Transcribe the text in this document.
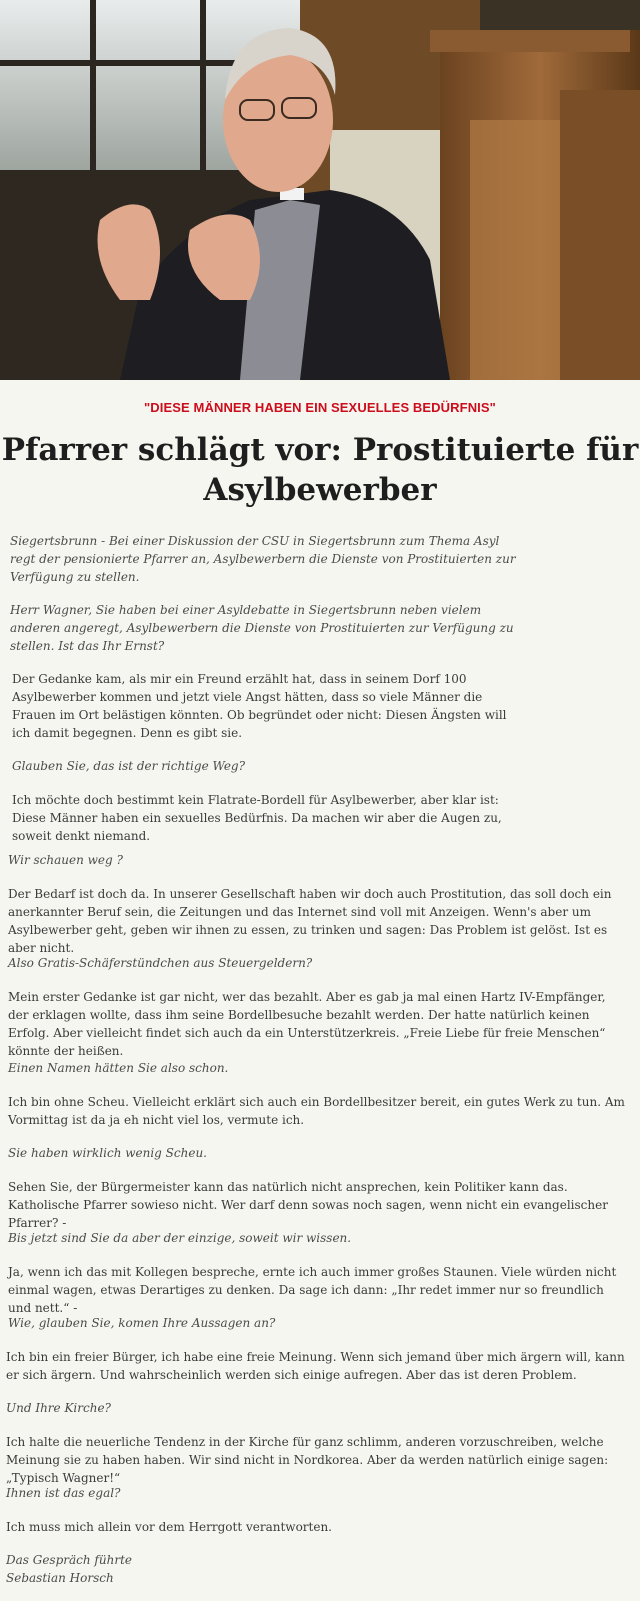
"DIESE MÄNNER HABEN EIN SEXUELLES BEDÜRFNIS"
Pfarrer schlägt vor: Prostituierte für Asylbewerber

Siegertsbrunn - Bei einer Diskussion der CSU in Siegertsbrunn zum Thema Asyl regt der pensionierte Pfarrer an, Asylbewerbern die Dienste von Prostituierten zur Verfügung zu stellen.

Herr Wagner, Sie haben bei einer Asyldebatte in Siegertsbrunn neben vielem anderen angeregt, Asylbewerbern die Dienste von Prostituierten zur Verfügung zu stellen. Ist das Ihr Ernst?

Der Gedanke kam, als mir ein Freund erzählt hat, dass in seinem Dorf 100 Asylbewerber kommen und jetzt viele Angst hätten, dass so viele Männer die Frauen im Ort belästigen könnten. Ob begründet oder nicht: Diesen Ängsten will ich damit begegnen. Denn es gibt sie.

Glauben Sie, das ist der richtige Weg?

Ich möchte doch bestimmt kein Flatrate-Bordell für Asylbewerber, aber klar ist: Diese Männer haben ein sexuelles Bedürfnis. Da machen wir aber die Augen zu, soweit denkt niemand.

Wir schauen weg ?

Der Bedarf ist doch da. In unserer Gesellschaft haben wir doch auch Prostitution, das soll doch ein anerkannter Beruf sein, die Zeitungen und das Internet sind voll mit Anzeigen. Wenn's aber um Asylbewerber geht, geben wir ihnen zu essen, zu trinken und sagen: Das Problem ist gelöst. Ist es aber nicht.

Also Gratis-Schäferstündchen aus Steuergeldern?

Mein erster Gedanke ist gar nicht, wer das bezahlt. Aber es gab ja mal einen Hartz IV-Empfänger, der erklagen wollte, dass ihm seine Bordellbesuche bezahlt werden. Der hatte natürlich keinen Erfolg. Aber vielleicht findet sich auch da ein Unterstützerkreis. „Freie Liebe für freie Menschen“ könnte der heißen.

Einen Namen hätten Sie also schon.

Ich bin ohne Scheu. Vielleicht erklärt sich auch ein Bordellbesitzer bereit, ein gutes Werk zu tun. Am Vormittag ist da ja eh nicht viel los, vermute ich.

Sie haben wirklich wenig Scheu.

Sehen Sie, der Bürgermeister kann das natürlich nicht ansprechen, kein Politiker kann das. Katholische Pfarrer sowieso nicht. Wer darf denn sowas noch sagen, wenn nicht ein evangelischer Pfarrer? -

Bis jetzt sind Sie da aber der einzige, soweit wir wissen.

Ja, wenn ich das mit Kollegen bespreche, ernte ich auch immer großes Staunen. Viele würden nicht einmal wagen, etwas Derartiges zu denken. Da sage ich dann: „Ihr redet immer nur so freundlich und nett.“ -

Wie, glauben Sie, komen Ihre Aussagen an?

Ich bin ein freier Bürger, ich habe eine freie Meinung. Wenn sich jemand über mich ärgern will, kann er sich ärgern. Und wahrscheinlich werden sich einige aufregen. Aber das ist deren Problem.

Und Ihre Kirche?

Ich halte die neuerliche Tendenz in der Kirche für ganz schlimm, anderen vorzuschreiben, welche Meinung sie zu haben haben. Wir sind nicht in Nordkorea. Aber da werden natürlich einige sagen: „Typisch Wagner!“

Ihnen ist das egal?

Ich muss mich allein vor dem Herrgott verantworten.

Das Gespräch führte
Sebastian Horsch
